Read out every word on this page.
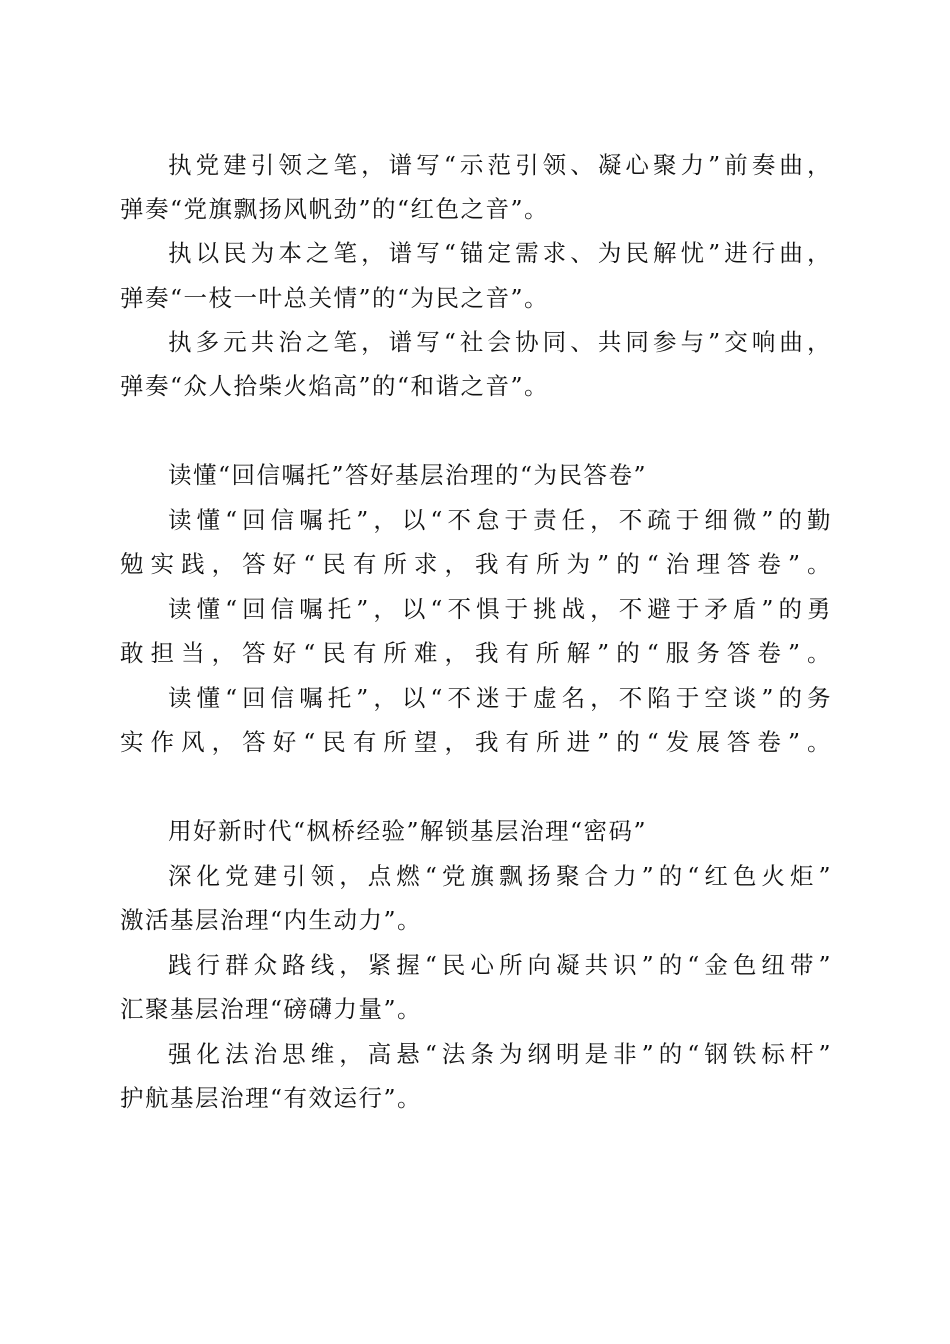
执党建引领之笔，谱写“示范引领、凝心聚力”前奏曲，
弹奏“党旗飘扬风帆劲”的“红色之音”。
执以民为本之笔，谱写“锚定需求、为民解忧”进行曲，
弹奏“一枝一叶总关情”的“为民之音”。
执多元共治之笔，谱写“社会协同、共同参与”交响曲，
弹奏“众人拾柴火焰高”的“和谐之音”。
读懂“回信嘱托”答好基层治理的“为民答卷”
读懂“回信嘱托”，以“不怠于责任，不疏于细微”的勤
勉实践，答好“民有所求，我有所为”的“治理答卷”。
读懂“回信嘱托”，以“不惧于挑战，不避于矛盾”的勇
敢担当，答好“民有所难，我有所解”的“服务答卷”。
读懂“回信嘱托”，以“不迷于虚名，不陷于空谈”的务
实作风，答好“民有所望，我有所进”的“发展答卷”。
用好新时代“枫桥经验”解锁基层治理“密码”
深化党建引领，点燃“党旗飘扬聚合力”的“红色火炬”
激活基层治理“内生动力”。
践行群众路线，紧握“民心所向凝共识”的“金色纽带”
汇聚基层治理“磅礴力量”。
强化法治思维，高悬“法条为纲明是非”的“钢铁标杆”
护航基层治理“有效运行”。
